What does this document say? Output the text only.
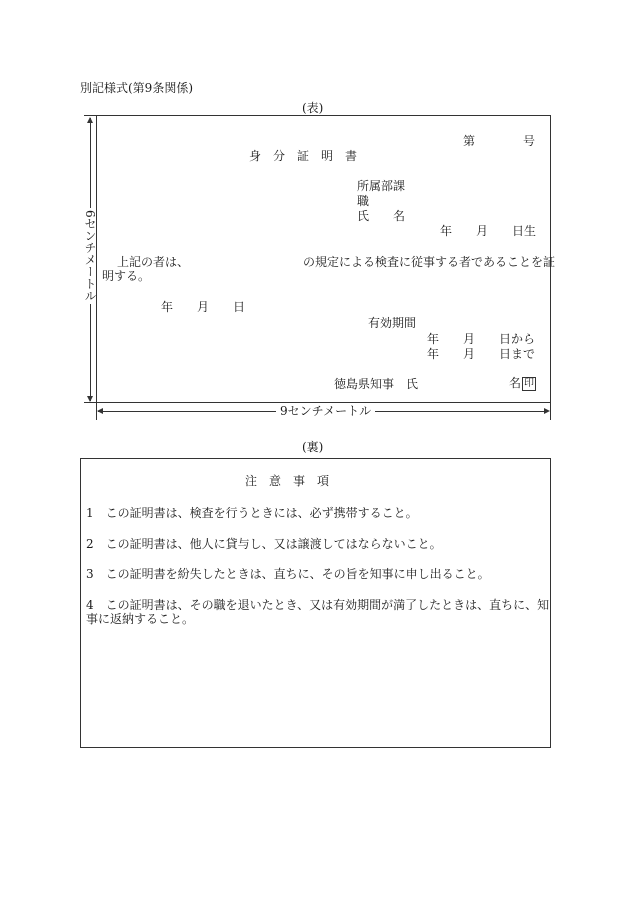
別記様式(第9条関係)
(表)
第　　　　号
身　分　証　明　書
所属部課
職
氏　　名
年　　月　　日生
上記の者は、　　　　　　　　　　の規定による検査に従事する者であることを証
明する。
年　　月　　日
有効期間
年　　月　　日から
年　　月　　日まで
徳島県知事　氏	名 印
6センチメートル
9センチメートル
(裏)
注　意　事　項
1　 この証明書は、検査を行うときには、必ず携帯すること。
2　 この証明書は、他人に貸与し、又は譲渡してはならないこと。
3　 この証明書を紛失したときは、直ちに、その旨を知事に申し出ること。
4　 この証明書は、その職を退いたとき、又は有効期間が満了したときは、直ちに、知
事に返納すること。
